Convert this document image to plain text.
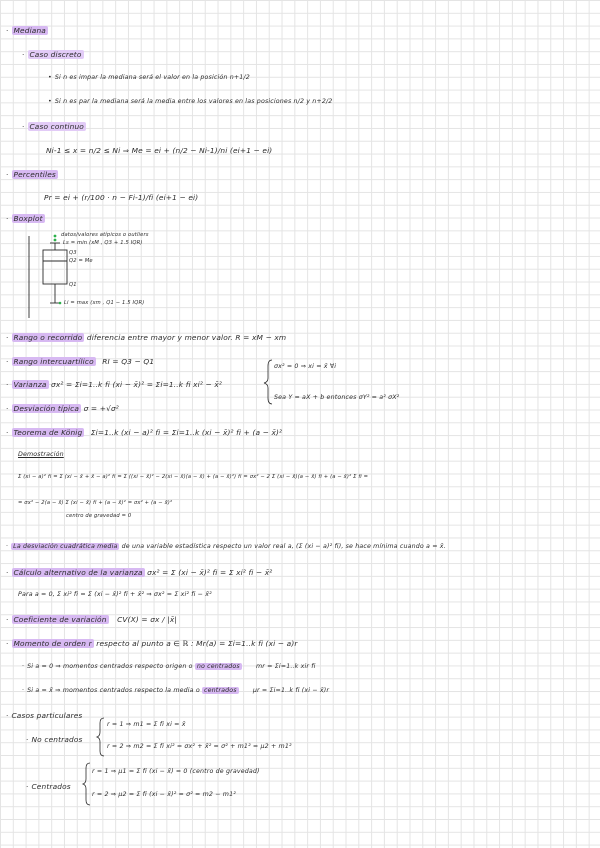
· Mediana
· Caso discreto
• Si n es impar la mediana será el valor en la posición n+1/2
• Si n es par la mediana será la media entre los valores en las posiciones n/2 y n+2/2
· Caso continuo
Ni-1 ≤ x = n/2 ≤ Ni ⇒ Me = ei + (n/2 − Ni-1)/ni (ei+1 − ei)
· Percentiles
Pr = ei + (r/100 · n − Fi-1)/fi (ei+1 − ei)
· Boxplot
datos/valores atípicos o outliers
Ls = min (xM , Q3 + 1.5 IQR)
Q3
Q2 = Me
Q1
Li = max (xm , Q1 − 1.5 IQR)
· Rango o recorrido diferencia entre mayor y menor valor. R = xM − xm
· Rango intercuartílico RI = Q3 − Q1
· Varianza σx² = Σi=1..k fi (xi − x̄)² = Σi=1..k fi xi² − x̄²
σx² = 0 ⇒ xi = x̄ ∀i
Sea Y = aX + b entonces σY² = a² σX²
· Desviación típica σ = +√σ²
· Teorema de König Σi=1..k (xi − a)² fi = Σi=1..k (xi − x̄)² fi + (a − x̄)²
Demostración
Σ (xi − a)² fi = Σ (xi − x̄ + x̄ − a)² fi = Σ ((xi − x̄)² − 2(xi − x̄)(a − x̄) + (a − x̄)²) fi = σx² − 2 Σ (xi − x̄)(a − x̄) fi + (a − x̄)² Σ fi =
= σx² − 2(a − x̄) Σ (xi − x̄) fi + (a − x̄)² = σx² + (a − x̄)²
centro de gravedad = 0
· La desviación cuadrática media de una variable estadística respecto un valor real a, (Σ (xi − a)² fi), se hace mínima cuando a = x̄.
· Cálculo alternativo de la varianza σx² = Σ (xi − x̄)² fi = Σ xi² fi − x̄²
Para a = 0, Σ xi² fi = Σ (xi − x̄)² fi + x̄² ⇒ σx² = Σ xi² fi − x̄²
· Coeficiente de variación CV(X) = σx / |x̄|
· Momento de orden r respecto al punto a ∈ ℝ : Mr(a) = Σi=1..k fi (xi − a)r
· Si a = 0 ⇒ momentos centrados respecto origen o no centrados	mr = Σi=1..k xir fi
· Si a = x̄ ⇒ momentos centrados respecto la media o centrados	μr = Σi=1..k fi (xi − x̄)r
· Casos particulares
· No centrados
r = 1 ⇒ m1 = Σ fi xi = x̄
r = 2 ⇒ m2 = Σ fi xi² = σx² + x̄² = σ² + m1² = μ2 + m1²
· Centrados
r = 1 ⇒ μ1 = Σ fi (xi − x̄) = 0 (centro de gravedad)
r = 2 ⇒ μ2 = Σ fi (xi − x̄)² = σ² = m2 − m1²
